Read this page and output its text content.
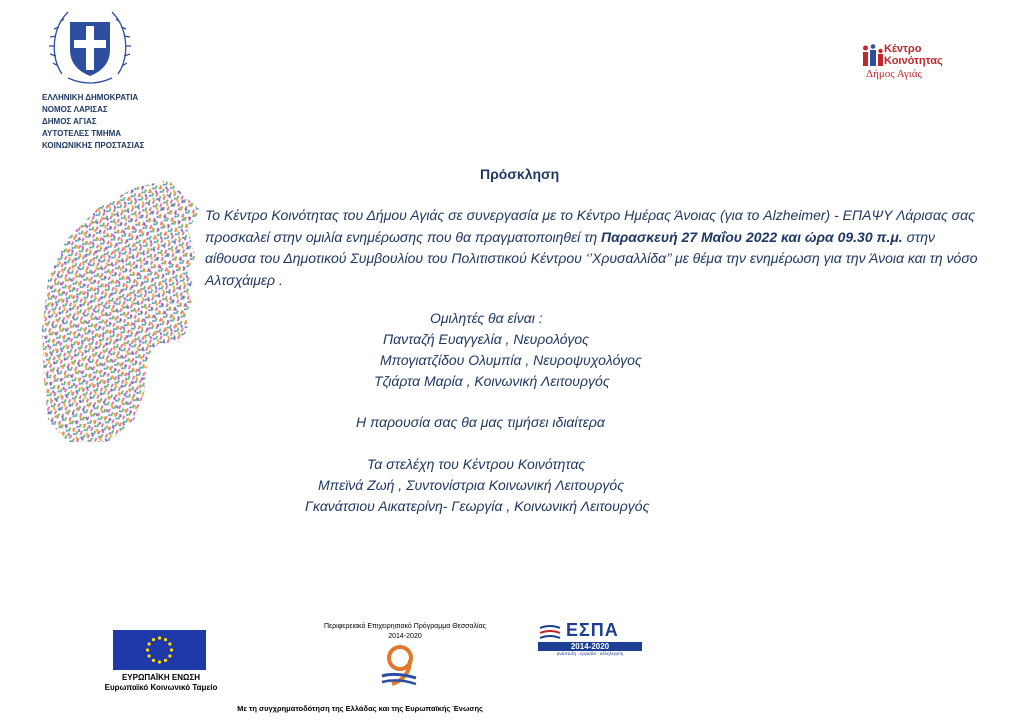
ΕΛΛΗΝΙΚΗ ΔΗΜΟΚΡΑΤΙΑ
ΝΟΜΟΣ ΛΑΡΙΣΑΣ
ΔΗΜΟΣ ΑΓΙΑΣ
ΑΥΤΟΤΕΛΕΣ ΤΜΗΜΑ
ΚΟΙΝΩΝΙΚΗΣ ΠΡΟΣΤΑΣΙΑΣ
Κέντρο
Κοινότητας
Δήμος Αγιάς
Πρόσκληση
Το Κέντρο Κοινότητας του Δήμου Αγιάς σε συνεργασία με το Κέντρο Ημέρας Άνοιας (για το Alzheimer) - ΕΠΑΨΥ Λάρισας σας προσκαλεί στην ομιλία ενημέρωσης που θα πραγματοποιηθεί τη Παρασκευή 27 Μαΐου 2022 και ώρα 09.30 π.μ. στην αίθουσα του Δημοτικού Συμβουλίου του Πολιτιστικού Κέντρου ‘’Χρυσαλλίδα’’ με θέμα την ενημέρωση για την Άνοια και τη νόσο Αλτσχάιμερ .
Ομιλητές θα είναι :
Πανταζή Ευαγγελία , Νευρολόγος
Μπογιατζίδου Ολυμπία , Νευροψυχολόγος
Τζιάρτα Μαρία , Κοινωνική Λειτουργός
Η παρουσία σας θα μας τιμήσει ιδιαίτερα
Τα στελέχη του Κέντρου Κοινότητας
Μπεϊνά Ζωή , Συντονίστρια Κοινωνική Λειτουργός
Γκανάτσιου Αικατερίνη- Γεωργία , Κοινωνική Λειτουργός
ΕΥΡΩΠΑΪΚΗ ΕΝΩΣΗ
Ευρωπαϊκό Κοινωνικό Ταμείο
Περιφερειακό Επιχειρησιακό Πρόγραμμα Θεσσαλίας
2014-2020	ΕΣΠΑ
2014-2020
ανάπτυξη - εργασία - αλληλεγγύη
Με τη συγχρηματοδότηση της Ελλάδας και της Ευρωπαϊκής Ένωσης
